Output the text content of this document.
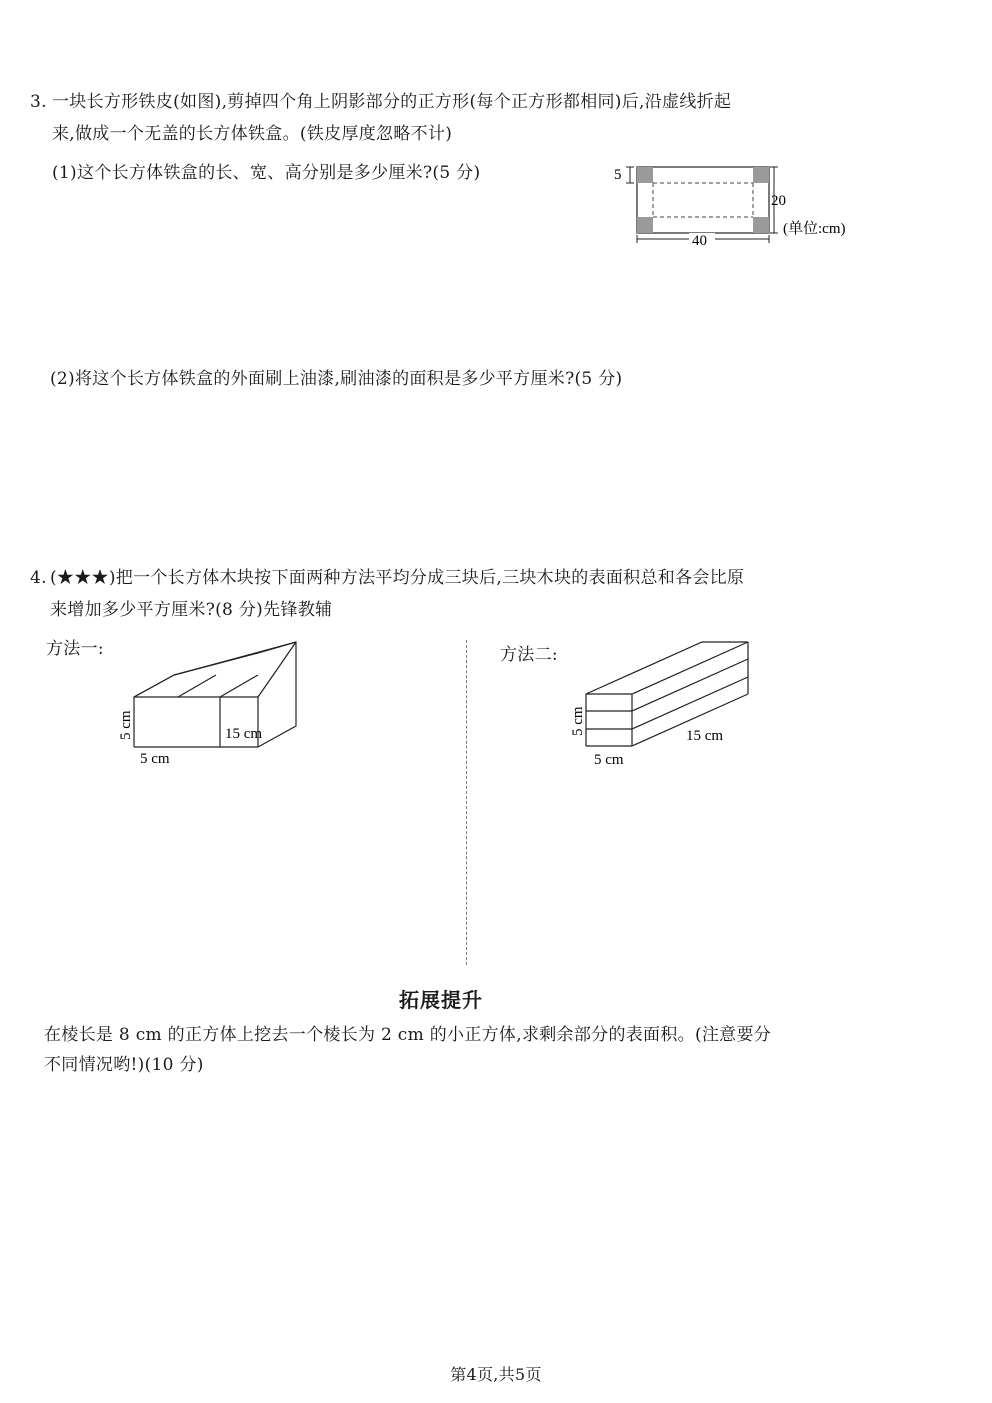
3. 一块长方形铁皮(如图),剪掉四个角上阴影部分的正方形(每个正方形都相同)后,沿虚线折起
来,做成一个无盖的长方体铁盒。(铁皮厚度忽略不计)
(1)这个长方体铁盒的长、宽、高分别是多少厘米?(5 分)	5
20
(单位:cm)
40
(2)将这个长方体铁盒的外面刷上油漆,刷油漆的面积是多少平方厘米?(5 分)
4. (★★★)把一个长方体木块按下面两种方法平均分成三块后,三块木块的表面积总和各会比原
来增加多少平方厘米?(8 分)先锋教辅
方法一:	方法二:
5 cm
5 cm
15 cm	5 cm
5 cm
15 cm
拓展提升
在棱长是 8 cm 的正方体上挖去一个棱长为 2 cm 的小正方体,求剩余部分的表面积。(注意要分
不同情况哟!)(10 分)
第4页,共5页
